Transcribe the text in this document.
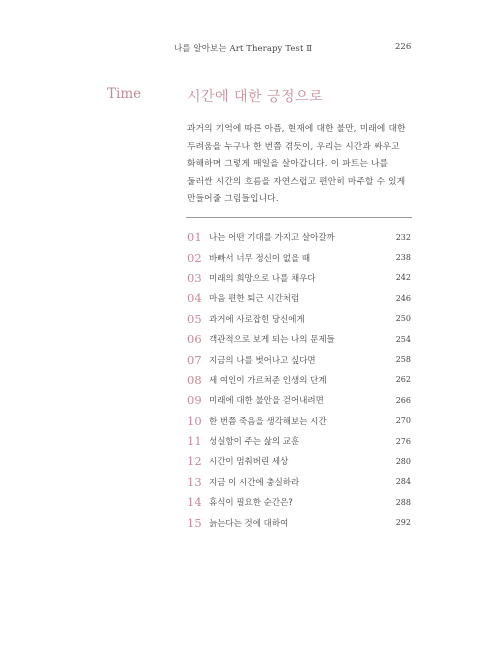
나를 알아보는 Art Therapy Test Ⅱ	226
Time	시간에 대한 긍정으로

과거의 기억에 따른 아픔, 현재에 대한 불만, 미래에 대한

두려움을 누구나 한 번쯤 겪듯이, 우리는 시간과 싸우고

화해하며 그렇게 매일을 살아갑니다. 이 파트는 나를

둘러싼 시간의 흐름을 자연스럽고 편안히 마주할 수 있게

만들어줄 그림들입니다.

01 나는 어떤 기대를 가지고 살아갈까	232
02 바빠서 너무 정신이 없을 때	238
03 미래의 희망으로 나를 채우다	242
04 마음 편한 퇴근 시간처럼	246
05 과거에 사로잡힌 당신에게	250
06 객관적으로 보게 되는 나의 문제들	254
07 지금의 나를 벗어나고 싶다면	258
08 세 여인이 가르쳐준 인생의 단계	262
09 미래에 대한 불안을 걷어내려면	266
10 한 번쯤 죽음을 생각해보는 시간	270
11 성실함이 주는 삶의 교훈	276
12 시간이 멈춰버린 세상	280
13 지금 이 시간에 충실하라	284
14 휴식이 필요한 순간은?	288
15 늙는다는 것에 대하여	292
